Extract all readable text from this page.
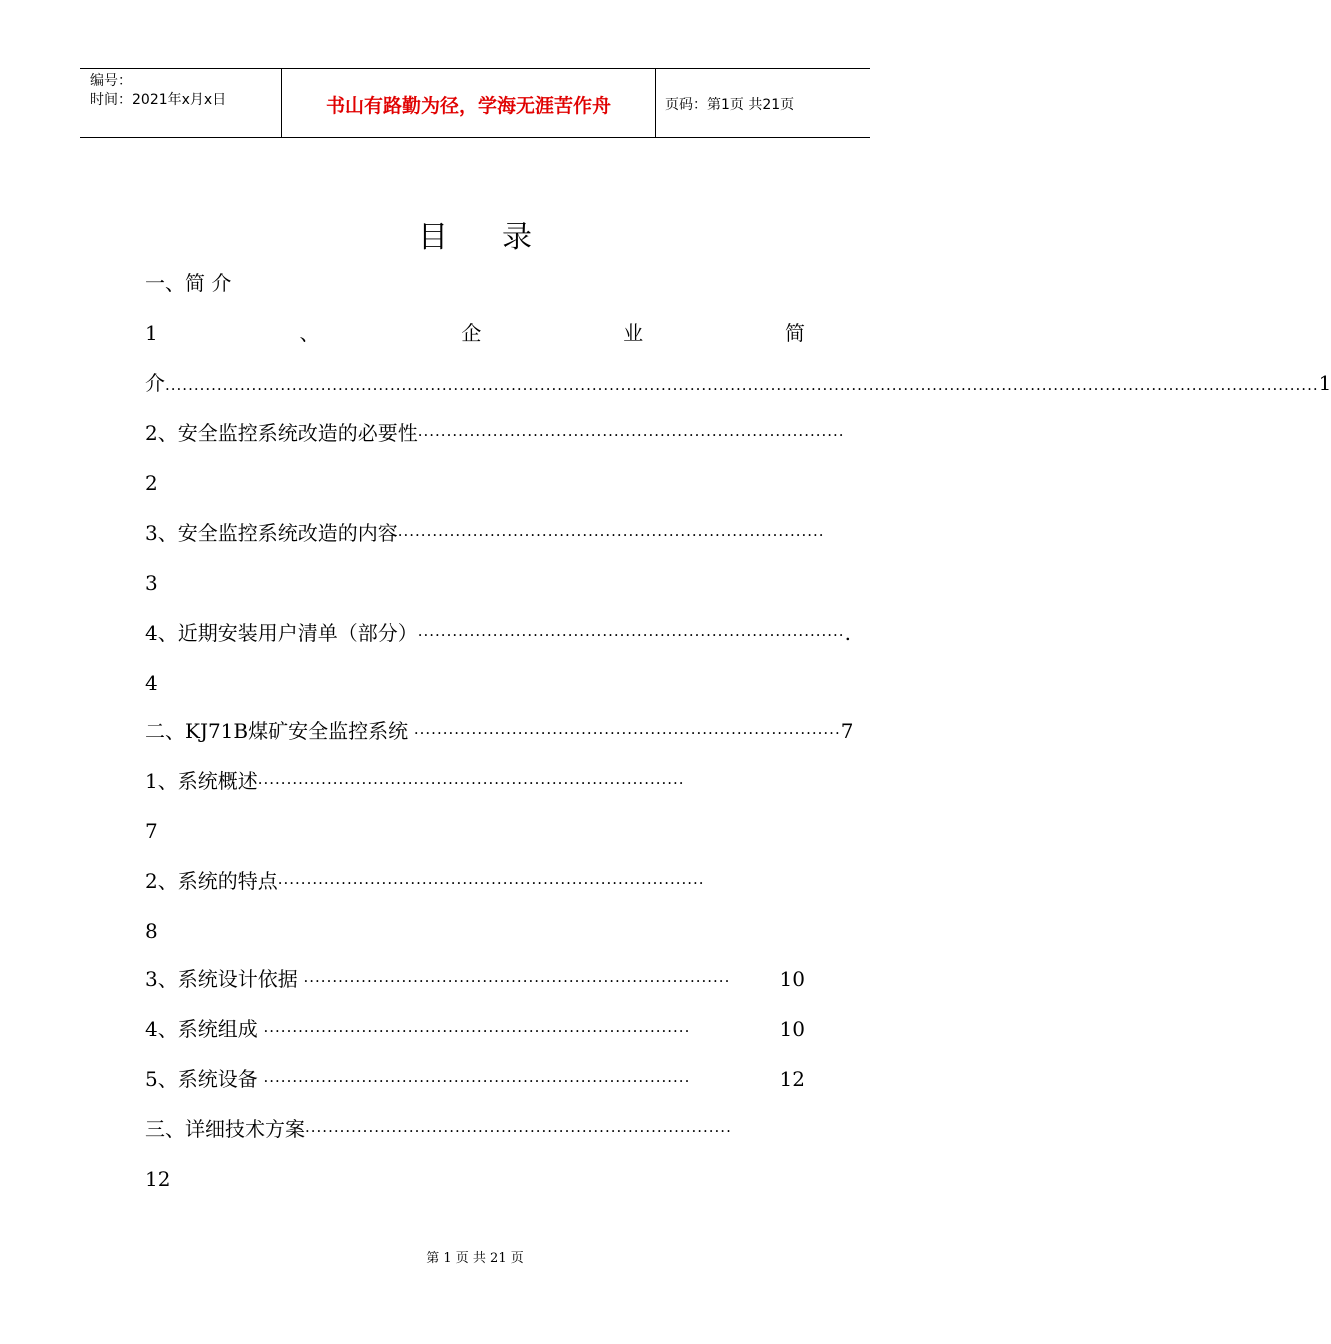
编号：
时间：2021年x月x日	书山有路勤为径，学海无涯苦作舟	页码：第1页 共21页
目 录
一、简 介
1	、	企	业	简
介 ........................................................................................................................................................................................................ 1
2、安全监控系统改造的必要性 ··········································································
2
3、安全监控系统改造的内容 ··········································································
3
4、近期安装用户清单（部分） ·········································································· .
4
二、KJ71B煤矿安全监控系统 ·········································································· 7
1、系统概述 ··········································································
7
2、系统的特点 ··········································································
8
3、系统设计依据 ··········································································	10
4、系统组成 ··········································································	10
5、系统设备 ··········································································	12
三、详细技术方案 ··········································································
12
第 1 页 共 21 页
